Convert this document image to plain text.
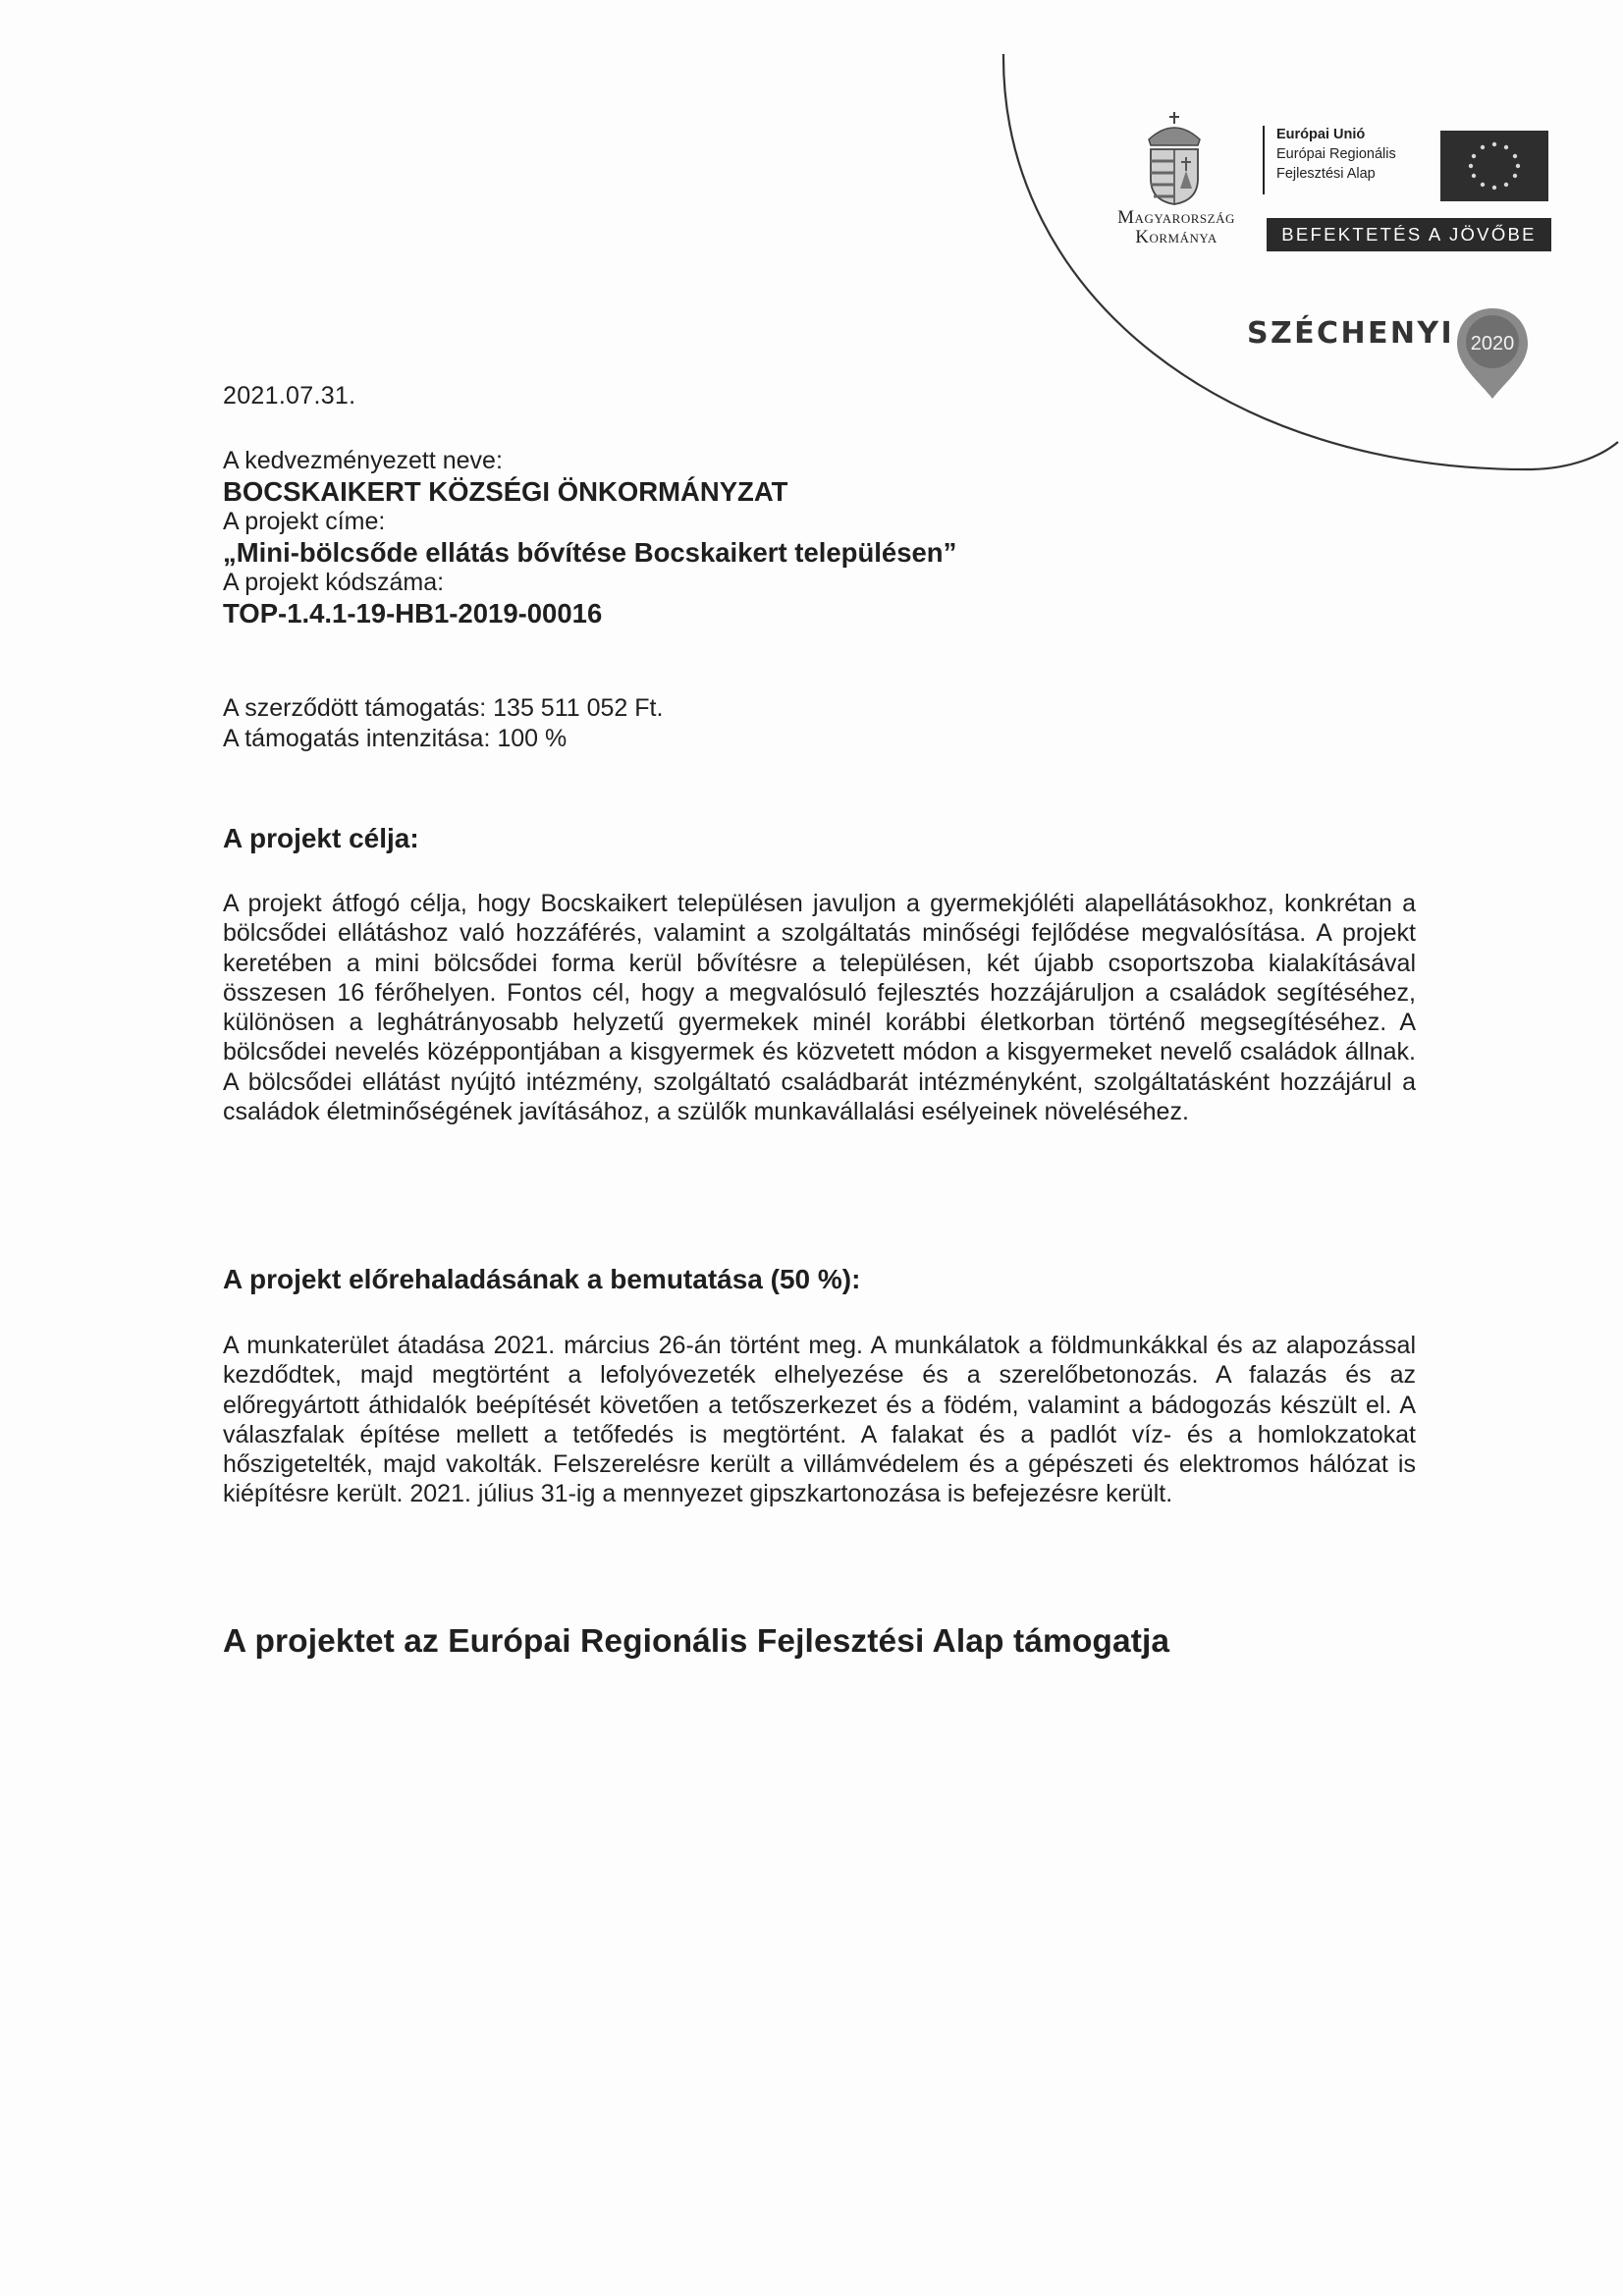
Magyarország
Kormánya
Európai Unió
Európai Regionális
Fejlesztési Alap
BEFEKTETÉS A JÖVŐBE
SZÉCHENYI 2020
2021.07.31.
A kedvezményezett neve:
BOCSKAIKERT KÖZSÉGI ÖNKORMÁNYZAT
A projekt címe:
„Mini-bölcsőde ellátás bővítése Bocskaikert településen”
A projekt kódszáma:
TOP-1.4.1-19-HB1-2019-00016
A szerződött támogatás: 135 511 052 Ft.
A támogatás intenzitása: 100 %
A projekt célja:
A projekt átfogó célja, hogy Bocskaikert településen javuljon a gyermekjóléti alapellátásokhoz, konkrétan a bölcsődei ellátáshoz való hozzáférés, valamint a szolgáltatás minőségi fejlődése megvalósítása. A projekt keretében a mini bölcsődei forma kerül bővítésre a településen, két újabb csoportszoba kialakításával összesen 16 férőhelyen. Fontos cél, hogy a megvalósuló fejlesztés hozzájáruljon a családok segítéséhez, különösen a leghátrányosabb helyzetű gyermekek minél korábbi életkorban történő megsegítéséhez. A bölcsődei nevelés középpontjában a kisgyermek és közvetett módon a kisgyermeket nevelő családok állnak. A bölcsődei ellátást nyújtó intézmény, szolgáltató családbarát intézményként, szolgáltatásként hozzájárul a családok életminőségének javításához, a szülők munkavállalási esélyeinek növeléséhez.
A projekt előrehaladásának a bemutatása (50 %):
A munkaterület átadása 2021. március 26-án történt meg. A munkálatok a földmunkákkal és az alapozással kezdődtek, majd megtörtént a lefolyóvezeték elhelyezése és a szerelőbetonozás. A falazás és az előregyártott áthidalók beépítését követően a tetőszerkezet és a födém, valamint a bádogozás készült el. A válaszfalak építése mellett a tetőfedés is megtörtént. A falakat és a padlót víz- és a homlokzatokat hőszigetelték, majd vakolták. Felszerelésre került a villámvédelem és a gépészeti és elektromos hálózat is kiépítésre került. 2021. július 31-ig a mennyezet gipszkartonozása is befejezésre került.
A projektet az Európai Regionális Fejlesztési Alap támogatja
